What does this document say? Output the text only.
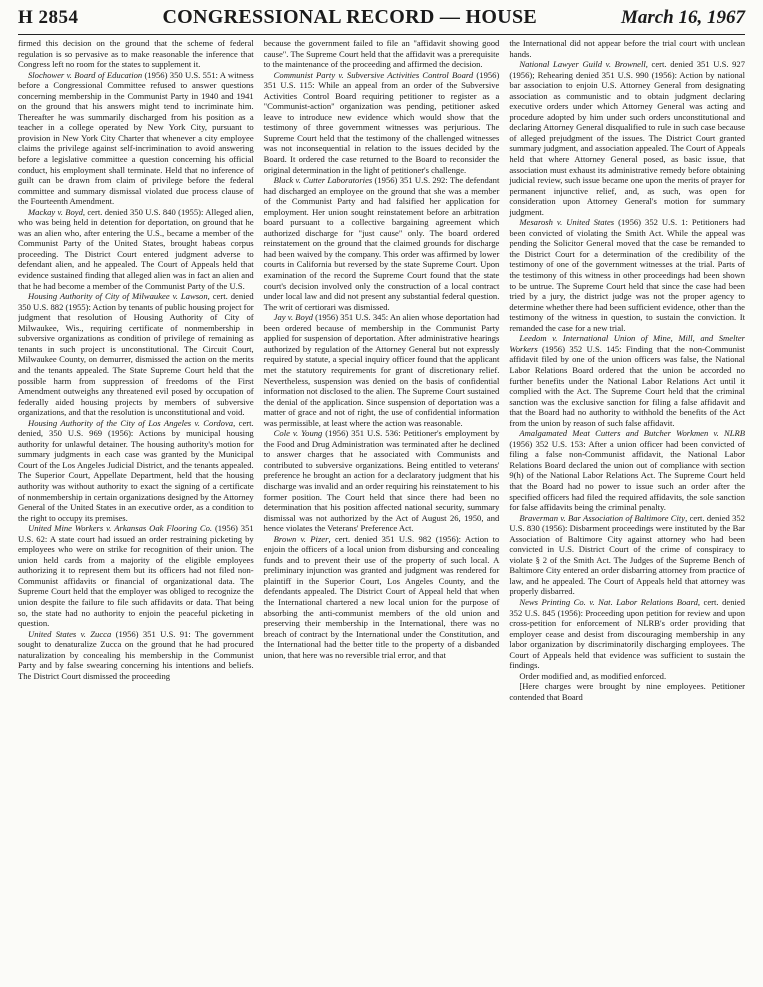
H 2854	CONGRESSIONAL RECORD — HOUSE	March 16, 1967

firmed this decision on the ground that the scheme of federal regulation is so pervasive as to make reasonable the inference that Congress left no room for the states to supplement it.

Slochower v. Board of Education (1956) 350 U.S. 551: A witness before a Congressional Committee refused to answer questions concerning membership in the Communist Party in 1940 and 1941 on the ground that his answers might tend to incriminate him. Thereafter he was summarily discharged from his position as a teacher in a college operated by New York City, pursuant to provision in New York City Charter that whenever a city employee claims the privilege against self-incrimination to avoid answering before a legislative committee a question concerning his official conduct, his employment shall terminate. Held that no inference of guilt can be drawn from claim of privilege before the federal committee and summary dismissal violated due process clause of the Fourteenth Amendment.

Mackay v. Boyd, cert. denied 350 U.S. 840 (1955): Alleged alien, who was being held in detention for deportation, on ground that he was an alien who, after entering the U.S., became a member of the Communist Party of the United States, brought habeas corpus proceeding. The District Court entered judgment adverse to defendant alien, and he appealed. The Court of Appeals held that evidence sustained finding that alleged alien was in fact an alien and that he had become a member of the Communist Party of the U.S.

Housing Authority of City of Milwaukee v. Lawson, cert. denied 350 U.S. 882 (1955): Action by tenants of public housing project for judgment that resolution of Housing Authority of City of Milwaukee, Wis., requiring certificate of nonmembership in subversive organizations as condition of privilege of remaining as tenants in such project is unconstitutional. The Circuit Court, Milwaukee County, on demurrer, dismissed the action on the merits and the tenants appealed. The State Supreme Court held that the possible harm from suppression of freedoms of the First Amendment outweighs any threatened evil posed by occupation of federally aided housing projects by members of subversive organizations, and that the resolution is unconstitutional and void.

Housing Authority of the City of Los Angeles v. Cordova, cert. denied, 350 U.S. 969 (1956): Actions by municipal housing authority for unlawful detainer. The housing authority's motion for summary judgments in each case was granted by the Municipal Court of the Los Angeles Judicial District, and the tenants appealed. The Superior Court, Appellate Department, held that the housing authority was without authority to exact the signing of a certificate of nonmembership in certain organizations designed by the Attorney General of the United States in an executive order, as a condition to the right to occupy its premises.

United Mine Workers v. Arkansas Oak Flooring Co. (1956) 351 U.S. 62: A state court had issued an order restraining picketing by employees who were on strike for recognition of their union. The union held cards from a majority of the eligible employees authorizing it to represent them but its officers had not filed non-Communist affidavits or financial of organizational data. The Supreme Court held that the employer was obliged to recognize the union despite the failure to file such affidavits or data. That being so, the state had no authority to enjoin the peaceful picketing in question.

United States v. Zucca (1956) 351 U.S. 91: The government sought to denaturalize Zucca on the ground that he had procured naturalization by concealing his membership in the Communist Party and by false swearing concerning his intentions and beliefs. The District Court dismissed the proceeding

because the government failed to file an "affidavit showing good cause". The Supreme Court held that the affidavit was a prerequisite to the maintenance of the proceeding and affirmed the decision.

Communist Party v. Subversive Activities Control Board (1956) 351 U.S. 115: While an appeal from an order of the Subversive Activities Control Board requiring petitioner to register as a "Communist-action" organization was pending, petitioner asked leave to introduce new evidence which would show that the testimony of three government witnesses was perjurious. The Supreme Court held that the testimony of the challenged witnesses was not inconsequential in relation to the issues decided by the Board. It ordered the case returned to the Board to reconsider the original determination in the light of petitioner's challenge.

Black v. Cutter Laboratories (1956) 351 U.S. 292: The defendant had discharged an employee on the ground that she was a member of the Communist Party and had falsified her application for employment. Her union sought reinstatement before an arbitration board pursuant to a collective bargaining agreement which authorized discharge for "just cause" only. The board ordered reinstatement on the ground that the claimed grounds for discharge had been waived by the company. This order was affirmed by lower courts in California but reversed by the state Supreme Court. Upon examination of the record the Supreme Court found that the state court's decision involved only the construction of a local contract under local law and did not present any substantial federal question. The writ of certiorari was dismissed.

Jay v. Boyd (1956) 351 U.S. 345: An alien whose deportation had been ordered because of membership in the Communist Party applied for suspension of deportation. After administrative hearings authorized by regulation of the Attorney General but not expressly required by statute, a special inquiry officer found that the applicant met the statutory requirements for grant of discretionary relief. Nevertheless, suspension was denied on the basis of confidential information not disclosed to the alien. The Supreme Court sustained the denial of the application. Since suspension of deportation was a matter of grace and not of right, the use of confidential information was permissible, at least where the action was reasonable.

Cole v. Young (1956) 351 U.S. 536: Petitioner's employment by the Food and Drug Administration was terminated after he declined to answer charges that he associated with Communists and contributed to subversive organizations. Being entitled to veterans' preference he brought an action for a declaratory judgment that his discharge was invalid and an order requiring his reinstatement to his former position. The Court held that since there had been no determination that his position affected national security, summary dismissal was not authorized by the Act of August 26, 1950, and hence violates the Veterans' Preference Act.

Brown v. Pizer, cert. denied 351 U.S. 982 (1956): Action to enjoin the officers of a local union from disbursing and concealing funds and to prevent their use of the property of such local. A preliminary injunction was granted and judgment was rendered for plaintiff in the Superior Court, Los Angeles County, and the defendants appealed. The District Court of Appeal held that when the International chartered a new local union for the purpose of absorbing the anti-communist members of the old union and preserving their membership in the International, there was no breach of contract by the International under the Constitution, and the International had the better title to the property of a disbanded union, that here was no reversible trial error, and that

the International did not appear before the trial court with unclean hands.

National Lawyer Guild v. Brownell, cert. denied 351 U.S. 927 (1956); Rehearing denied 351 U.S. 990 (1956): Action by national bar association to enjoin U.S. Attorney General from designating association as communistic and to obtain judgment declaring executive orders under which Attorney General was acting and procedure adopted by him under such orders unconstitutional and declaring Attorney General disqualified to rule in such case because of alleged prejudgment of the issues. The District Court granted summary judgment, and association appealed. The Court of Appeals held that where Attorney General posed, as basic issue, that association must exhaust its administrative remedy before obtaining judicial review, such issue became one upon the merits of prayer for permanent injunctive relief, and, as such, was open for consideration upon Attorney General's motion for summary judgment.

Mesarosh v. United States (1956) 352 U.S. 1: Petitioners had been convicted of violating the Smith Act. While the appeal was pending the Solicitor General moved that the case be remanded to the District Court for a determination of the credibility of the testimony of one of the government witnesses at the trial. Parts of the testimony of this witness in other proceedings had been shown to be untrue. The Supreme Court held that since the case had been tried by a jury, the district judge was not the proper agency to determine whether there had been sufficient evidence, other than the testimony of the witness in question, to sustain the conviction. It remanded the case for a new trial.

Leedom v. International Union of Mine, Mill, and Smelter Workers (1956) 352 U.S. 145: Finding that the non-Communist affidavit filed by one of the union officers was false, the National Labor Relations Board ordered that the union be accorded no further benefits under the National Labor Relations Act until it complied with the Act. The Supreme Court held that the criminal sanction was the exclusive sanction for filing a false affidavit and that the Board had no authority to withhold the benefits of the Act from the union by reason of such false affidavit.

Amalgamated Meat Cutters and Butcher Workmen v. NLRB (1956) 352 U.S. 153: After a union officer had been convicted of filing a false non-Communist affidavit, the National Labor Relations Board declared the union out of compliance with section 9(h) of the National Labor Relations Act. The Supreme Court held that the Board had no power to issue such an order after the specified officers had filed the required affidavits, the sole sanction for false affidavits being the criminal penalty.

Braverman v. Bar Association of Baltimore City, cert. denied 352 U.S. 830 (1956): Disbarment proceedings were instituted by the Bar Association of Baltimore City against attorney who had been convicted in U.S. District Court of the crime of conspiracy to violate § 2 of the Smith Act. The Judges of the Supreme Bench of Baltimore City entered an order disbarring attorney from practice of law, and he appealed. The Court of Appeals held that attorney was properly disbarred.

News Printing Co. v. Nat. Labor Relations Board, cert. denied 352 U.S. 845 (1956): Proceeding upon petition for review and upon cross-petition for enforcement of NLRB's order providing that employer cease and desist from discouraging membership in any labor organization by discriminatorily discharging employees. The Court of Appeals held that evidence was sufficient to sustain the findings.

Order modified and, as modified enforced.

[Here charges were brought by nine employees. Petitioner contended that Board
